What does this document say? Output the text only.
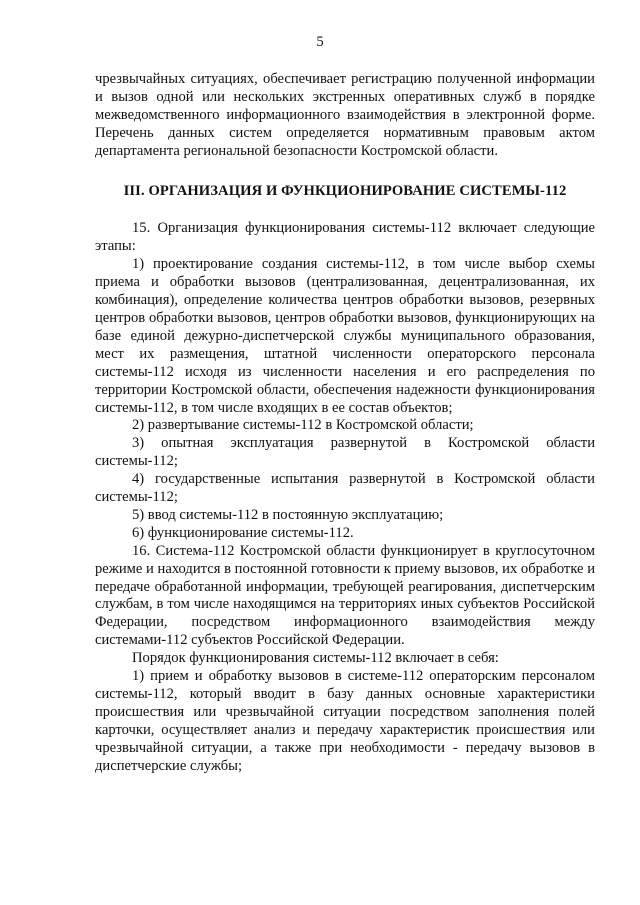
5

чрезвычайных ситуациях, обеспечивает регистрацию полученной информации и вызов одной или нескольких экстренных оперативных служб в порядке межведомственного информационного взаимодействия в электронной форме. Перечень данных систем определяется нормативным правовым актом департамента региональной безопасности Костромской области.

III. ОРГАНИЗАЦИЯ И ФУНКЦИОНИРОВАНИЕ СИСТЕМЫ-112

15. Организация функционирования системы-112 включает следующие этапы:

1) проектирование создания системы-112, в том числе выбор схемы приема и обработки вызовов (централизованная, децентрализованная, их комбинация), определение количества центров обработки вызовов, резервных центров обработки вызовов, центров обработки вызовов, функционирующих на базе единой дежурно-диспетчерской службы муниципального образования, мест их размещения, штатной численности операторского персонала системы-112 исходя из численности населения и его распределения по территории Костромской области, обеспечения надежности функционирования системы-112, в том числе входящих в ее состав объектов;

2) развертывание системы-112 в Костромской области;

3) опытная эксплуатация развернутой в Костромской области системы-112;

4) государственные испытания развернутой в Костромской области системы-112;

5) ввод системы-112 в постоянную эксплуатацию;

6) функционирование системы-112.

16. Система-112 Костромской области функционирует в круглосуточном режиме и находится в постоянной готовности к приему вызовов, их обработке и передаче обработанной информации, требующей реагирования, диспетчерским службам, в том числе находящимся на территориях иных субъектов Российской Федерации, посредством информационного взаимодействия между системами-112 субъектов Российской Федерации.

Порядок функционирования системы-112 включает в себя:

1) прием и обработку вызовов в системе-112 операторским персоналом системы-112, который вводит в базу данных основные характеристики происшествия или чрезвычайной ситуации посредством заполнения полей карточки, осуществляет анализ и передачу характеристик происшествия или чрезвычайной ситуации, а также при необходимости - передачу вызовов в диспетчерские службы;
